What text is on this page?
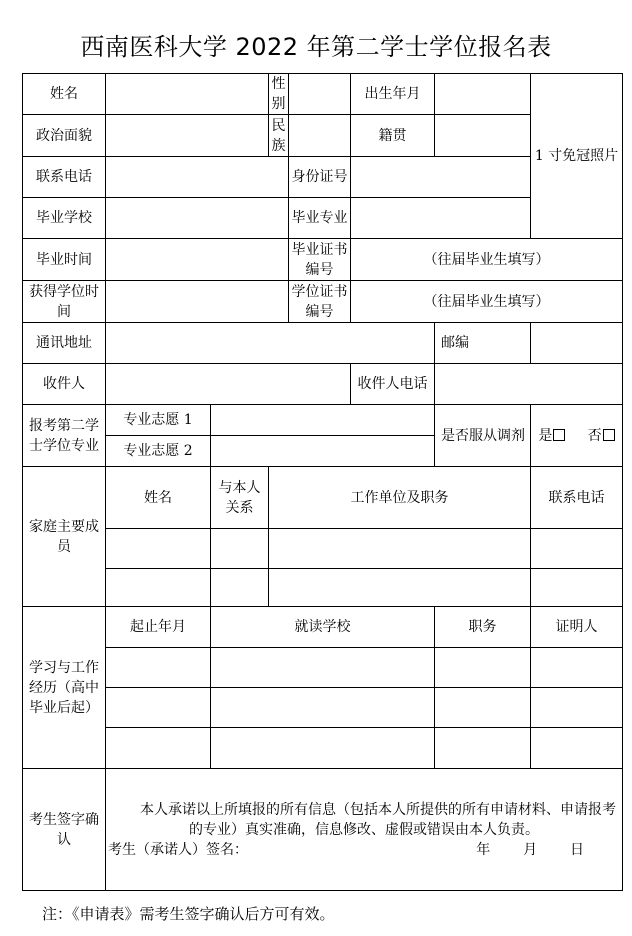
西南医科大学 2022 年第二学士学位报名表
姓名			性别		出生年月		1 寸免冠照片
政治面貌			民族		籍贯		
联系电话				身份证号			
毕业学校				毕业专业			
毕业时间				毕业证书编号	（往届毕业生填写）		
获得学位时间				学位证书编号	（往届毕业生填写）		
通讯地址						邮编	
收件人					收件人电话		
报考第二学士学位专业	专业志愿 1					是否服从调剂	是 否
	专业志愿 2						
家庭主要成员	姓名	与本人关系	工作单位及职务				联系电话

学习与工作经历（高中毕业后起）	起止年月	就读学校				职务	证明人

考生签字确认	本人承诺以上所填报的所有信息（包括本人所提供的所有申请材料、申请报考的专业）真实准确，信息修改、虚假或错误由本人负责。

考生（承诺人）签名： 年 月 日						
注：《申请表》需考生签字确认后方可有效。
